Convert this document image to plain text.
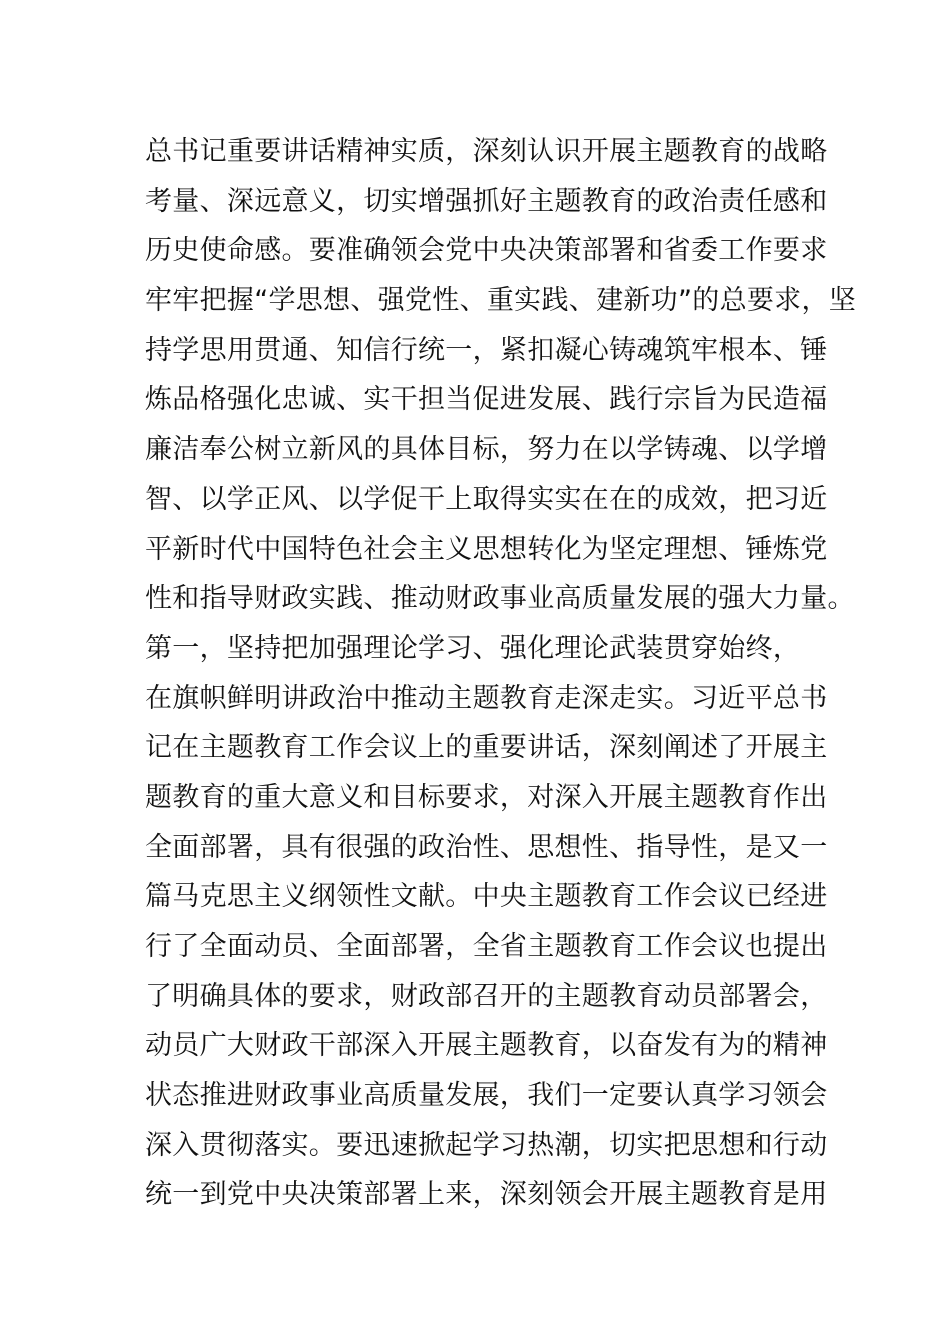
总书记重要讲话精神实质，深刻认识开展主题教育的战略
考量、深远意义，切实增强抓好主题教育的政治责任感和
历史使命感。要准确领会党中央决策部署和省委工作要求
牢牢把握“学思想、强党性、重实践、建新功”的总要求，坚
持学思用贯通、知信行统一，紧扣凝心铸魂筑牢根本、锤
炼品格强化忠诚、实干担当促进发展、践行宗旨为民造福
廉洁奉公树立新风的具体目标，努力在以学铸魂、以学增
智、以学正风、以学促干上取得实实在在的成效，把习近
平新时代中国特色社会主义思想转化为坚定理想、锤炼党
性和指导财政实践、推动财政事业高质量发展的强大力量。
第一，坚持把加强理论学习、强化理论武装贯穿始终，
在旗帜鲜明讲政治中推动主题教育走深走实。习近平总书
记在主题教育工作会议上的重要讲话，深刻阐述了开展主
题教育的重大意义和目标要求，对深入开展主题教育作出
全面部署，具有很强的政治性、思想性、指导性，是又一
篇马克思主义纲领性文献。中央主题教育工作会议已经进
行了全面动员、全面部署，全省主题教育工作会议也提出
了明确具体的要求，财政部召开的主题教育动员部署会，
动员广大财政干部深入开展主题教育，以奋发有为的精神
状态推进财政事业高质量发展，我们一定要认真学习领会
深入贯彻落实。要迅速掀起学习热潮，切实把思想和行动
统一到党中央决策部署上来，深刻领会开展主题教育是用
